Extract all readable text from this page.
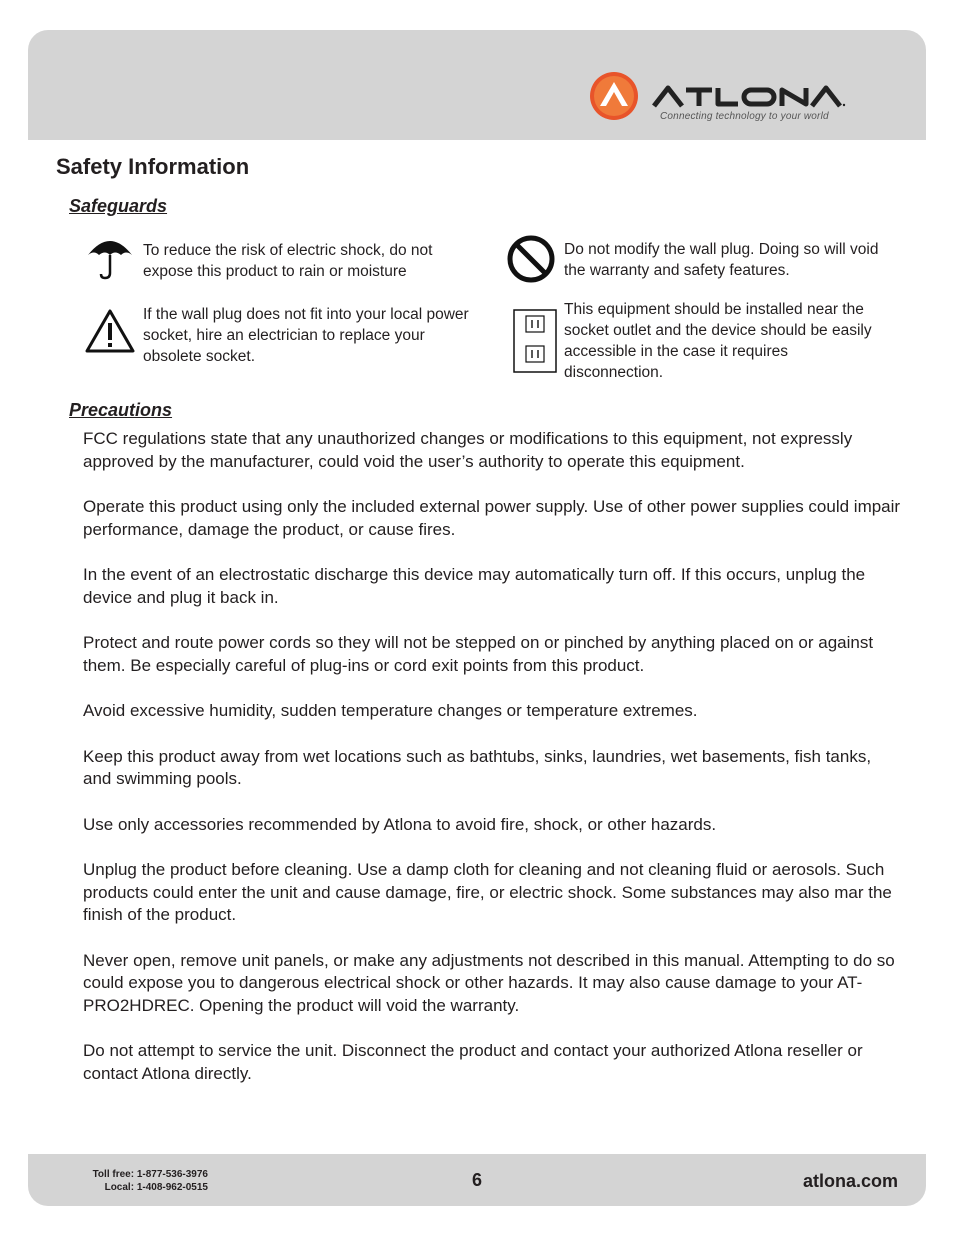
Connecting technology to your world
Safety Information
Safeguards
To reduce the risk of electric shock, do not expose this product to rain or moisture
If the wall plug does not fit into your local power socket, hire an electrician to replace your obsolete socket.
Do not modify the wall plug. Doing so will void the warranty and safety features.
This equipment should be installed near the socket outlet and the device should be easily accessible in the case it requires disconnection.
Precautions

FCC regulations state that any unauthorized changes or modifications to this equipment, not expressly approved by the manufacturer, could void the user’s authority to operate this equipment.

Operate this product using only the included external power supply. Use of other power supplies could impair performance, damage the product, or cause fires.

In the event of an electrostatic discharge this device may automatically turn off. If this occurs, unplug the device and plug it back in.

Protect and route power cords so they will not be stepped on or pinched by anything placed on or against them. Be especially careful of plug-ins or cord exit points from this product.

Avoid excessive humidity, sudden temperature changes or temperature extremes.

Keep this product away from wet locations such as bathtubs, sinks, laundries, wet basements, fish tanks, and swimming pools.

Use only accessories recommended by Atlona to avoid fire, shock, or other hazards.

Unplug the product before cleaning. Use a damp cloth for cleaning and not cleaning fluid or aerosols. Such products could enter the unit and cause damage, fire, or electric shock. Some substances may also mar the finish of the product.

Never open, remove unit panels, or make any adjustments not described in this manual. Attempting to do so could expose you to dangerous electrical shock or other hazards. It may also cause damage to your AT-PRO2HDREC. Opening the product will void the warranty.

Do not attempt to service the unit. Disconnect the product and contact your authorized Atlona reseller or contact Atlona directly.

Toll free: 1-877-536-3976
Local: 1-408-962-0515	6	atlona.com
